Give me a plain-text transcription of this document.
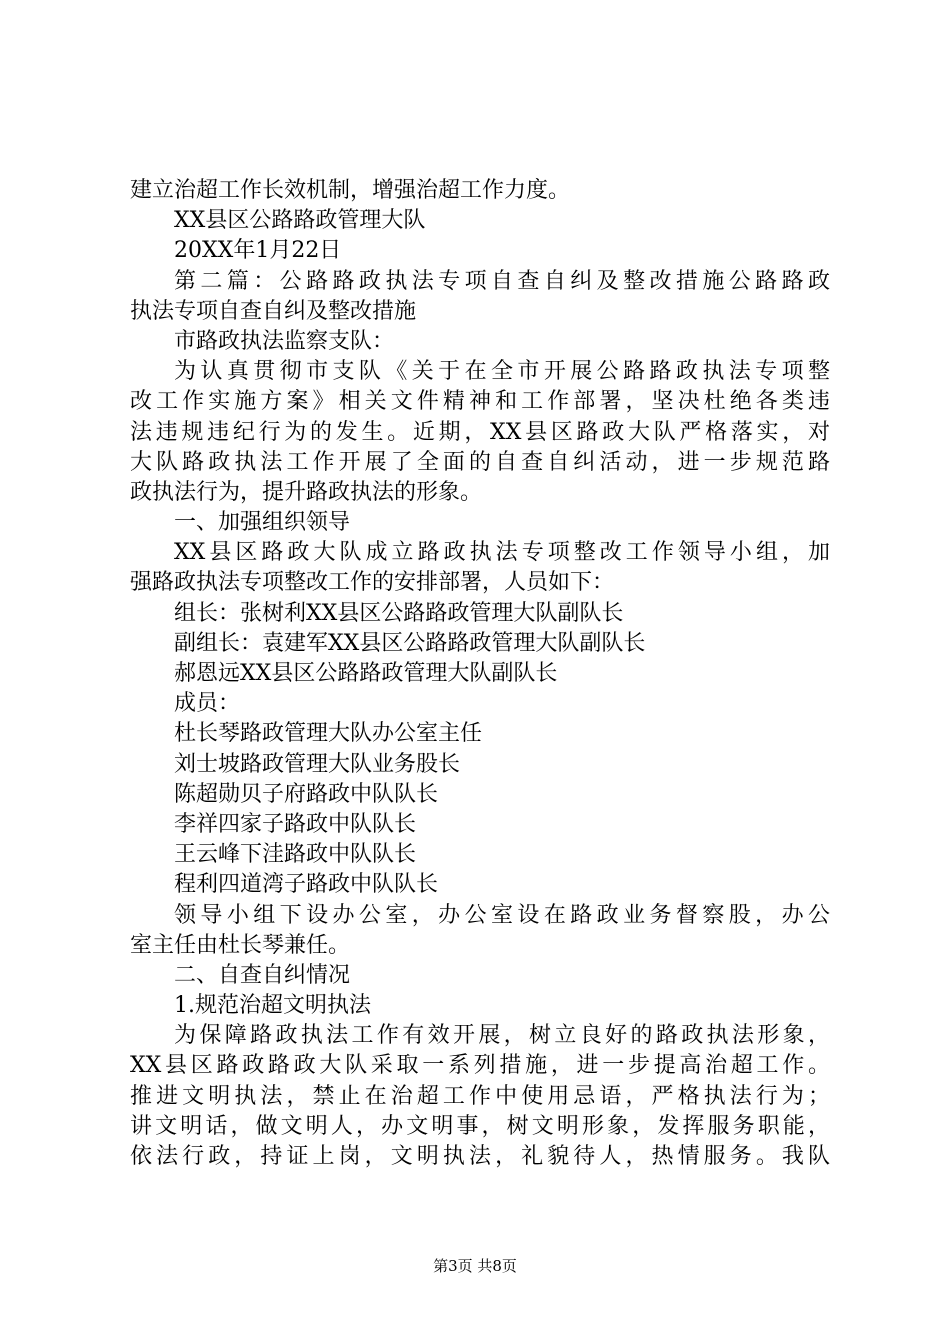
建立治超工作长效机制，增强治超工作力度。
XX县区公路路政管理大队
20XX年1月22日
第二篇：公路路政执法专项自查自纠及整改措施公路路政
执法专项自查自纠及整改措施
市路政执法监察支队：
为认真贯彻市支队《关于在全市开展公路路政执法专项整
改工作实施方案》相关文件精神和工作部署，坚决杜绝各类违
法违规违纪行为的发生。近期，XX县区路政大队严格落实，对
大队路政执法工作开展了全面的自查自纠活动，进一步规范路
政执法行为，提升路政执法的形象。
一、加强组织领导
XX县区路政大队成立路政执法专项整改工作领导小组，加
强路政执法专项整改工作的安排部署，人员如下：
组长：张树利XX县区公路路政管理大队副队长
副组长：袁建军XX县区公路路政管理大队副队长
郝恩远XX县区公路路政管理大队副队长
成员：
杜长琴路政管理大队办公室主任
刘士坡路政管理大队业务股长
陈超勋贝子府路政中队队长
李祥四家子路政中队队长
王云峰下洼路政中队队长
程利四道湾子路政中队队长
领导小组下设办公室，办公室设在路政业务督察股，办公
室主任由杜长琴兼任。
二、自查自纠情况
1.规范治超文明执法
为保障路政执法工作有效开展，树立良好的路政执法形象，
XX县区路政路政大队采取一系列措施，进一步提高治超工作。
推进文明执法，禁止在治超工作中使用忌语，严格执法行为；
讲文明话，做文明人，办文明事，树文明形象，发挥服务职能，
依法行政，持证上岗，文明执法，礼貌待人，热情服务。我队
第3页 共8页
